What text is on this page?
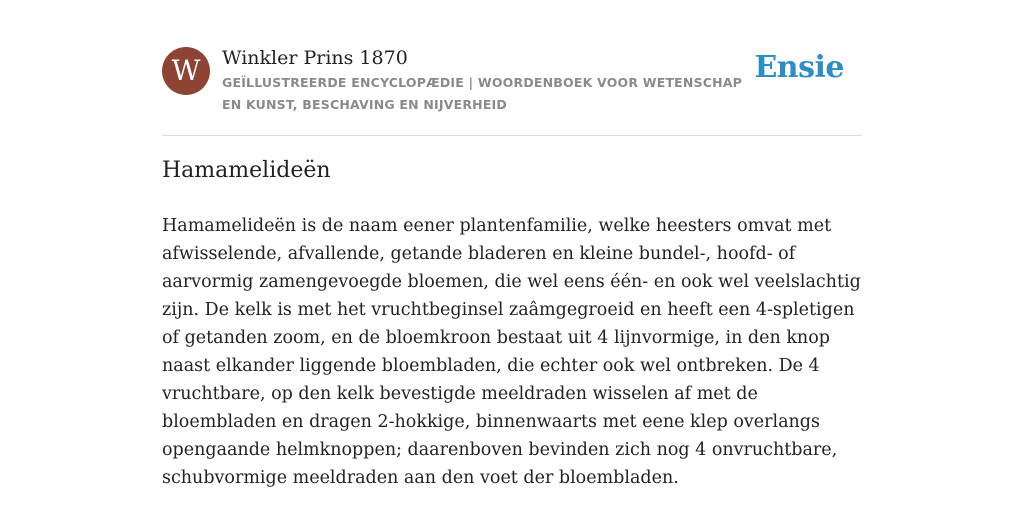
W	Winkler Prins 1870

GEÏLLUSTREERDE ENCYCLOPÆDIE | WOORDENBOEK VOOR WETENSCHAP EN KUNST, BESCHAVING EN NIJVERHEID

Ensie
Hamamelideën

Hamamelideën is de naam eener plantenfamilie, welke heesters omvat met afwisselende, afvallende, getande bladeren en kleine bundel-, hoofd- of aarvormig zamengevoegde bloemen, die wel eens één- en ook wel veelslachtig zijn. De kelk is met het vruchtbeginsel zaâmgegroeid en heeft een 4-spletigen of getanden zoom, en de bloemkroon bestaat uit 4 lijnvormige, in den knop naast elkander liggende bloembladen, die echter ook wel ontbreken. De 4 vruchtbare, op den kelk bevestigde meeldraden wisselen af met de bloembladen en dragen 2-hokkige, binnenwaarts met eene klep overlangs opengaande helmknoppen; daarenboven bevinden zich nog 4 onvruchtbare, schubvormige meeldraden aan den voet der bloembladen.
